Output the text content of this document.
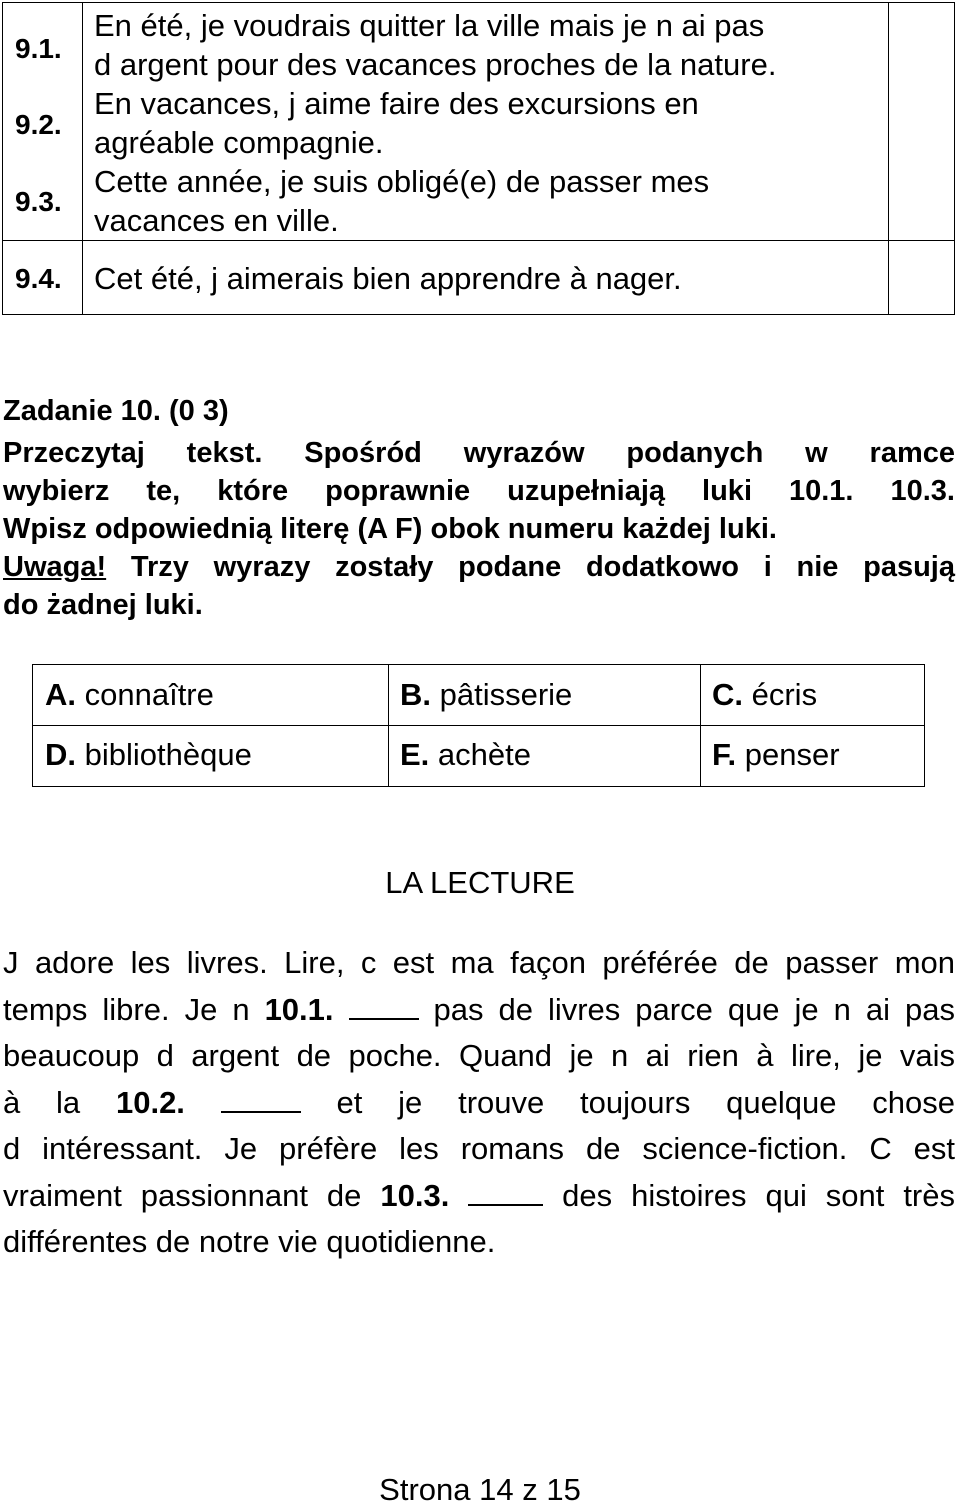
9.1.
En été, je voudrais quitter la ville mais je n ai pas
d argent pour des vacances proches de la nature.
9.2.
En vacances, j aime faire des excursions en
agréable compagnie.
9.3.
Cette année, je suis obligé(e) de passer mes
vacances en ville.
9.4. Cet été, j aimerais bien apprendre à nager.
Zadanie 10. (0 3)
Przeczytaj tekst. Spośród wyrazów podanych w ramce
wybierz te, które poprawnie uzupełniają luki 10.1. 10.3.
Wpisz odpowiednią literę (A F) obok numeru każdej luki.
Uwaga! Trzy wyrazy zostały podane dodatkowo i nie pasują
do żadnej luki.
A. connaître	B. pâtisserie	C. écris
D. bibliothèque	E. achète	F. penser
LA LECTURE
J adore les livres. Lire, c est ma façon préférée de passer mon
temps libre. Je n 10.1.	pas de livres parce que je n ai pas
beaucoup d argent de poche. Quand je n ai rien à lire, je vais
à la 10.2.	et je trouve toujours quelque chose
d intéressant. Je préfère les romans de science-fiction. C est
vraiment passionnant de 10.3.	des histoires qui sont très
différentes de notre vie quotidienne.
Strona 14 z 15
